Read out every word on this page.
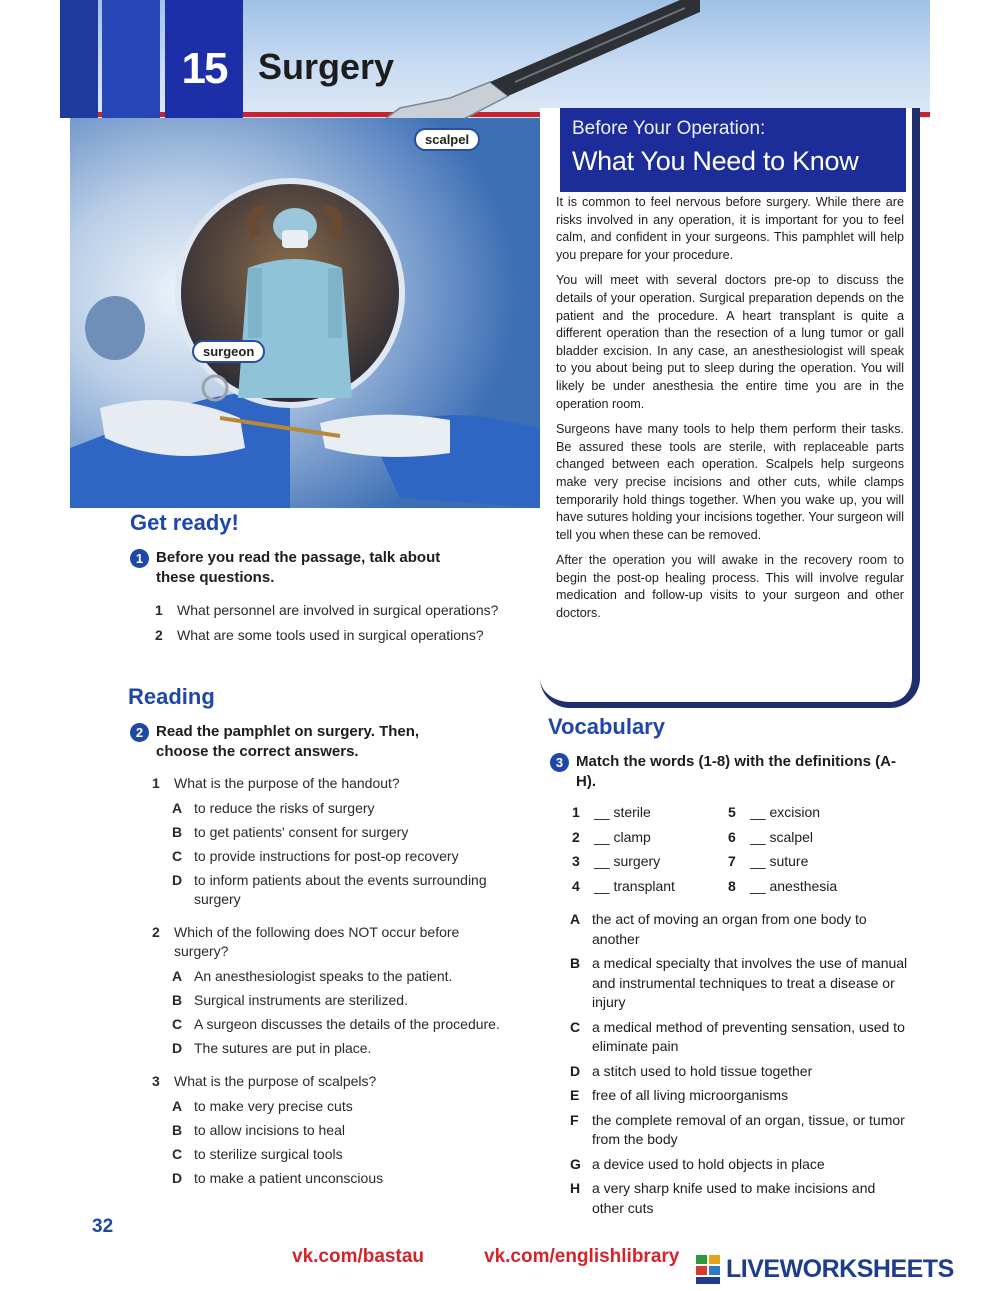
15 Surgery
scalpel
surgeon
Before Your Operation:
What You Need to Know

It is common to feel nervous before surgery. While there are risks involved in any operation, it is important for you to feel calm, and confident in your surgeons. This pamphlet will help you prepare for your procedure.

You will meet with several doctors pre-op to discuss the details of your operation. Surgical preparation depends on the patient and the procedure. A heart transplant is quite a different operation than the resection of a lung tumor or gall bladder excision. In any case, an anesthesiologist will speak to you about being put to sleep during the operation. You will likely be under anesthesia the entire time you are in the operation room.

Surgeons have many tools to help them perform their tasks. Be assured these tools are sterile, with replaceable parts changed between each operation. Scalpels help surgeons make very precise incisions and other cuts, while clamps temporarily hold things together. When you wake up, you will have sutures holding your incisions together. Your surgeon will tell you when these can be removed.

After the operation you will awake in the recovery room to begin the post-op healing process. This will involve regular medication and follow-up visits to your surgeon and other doctors.

Get ready!
1 Before you read the passage, talk about these questions.
1 What personnel are involved in surgical operations?
2 What are some tools used in surgical operations?
Reading
2 Read the pamphlet on surgery. Then, choose the correct answers.
1 What is the purpose of the handout?
A to reduce the risks of surgery
B to get patients' consent for surgery
C to provide instructions for post-op recovery
D to inform patients about the events surrounding surgery
2 Which of the following does NOT occur before surgery?
A An anesthesiologist speaks to the patient.
B Surgical instruments are sterilized.
C A surgeon discusses the details of the procedure.
D The sutures are put in place.
3 What is the purpose of scalpels?
A to make very precise cuts
B to allow incisions to heal
C to sterilize surgical tools
D to make a patient unconscious
Vocabulary
3 Match the words (1-8) with the definitions (A-H).
1 __ sterile
2 __ clamp
3 __ surgery
4 __ transplant
5 __ excision
6 __ scalpel
7 __ suture
8 __ anesthesia
A the act of moving an organ from one body to another
B a medical specialty that involves the use of manual and instrumental techniques to treat a disease or injury
C a medical method of preventing sensation, used to eliminate pain
D a stitch used to hold tissue together
E free of all living microorganisms
F the complete removal of an organ, tissue, or tumor from the body
G a device used to hold objects in place
H a very sharp knife used to make incisions and other cuts
32
vk.com/bastau	vk.com/englishlibrary LIVEWORKSHEETS
